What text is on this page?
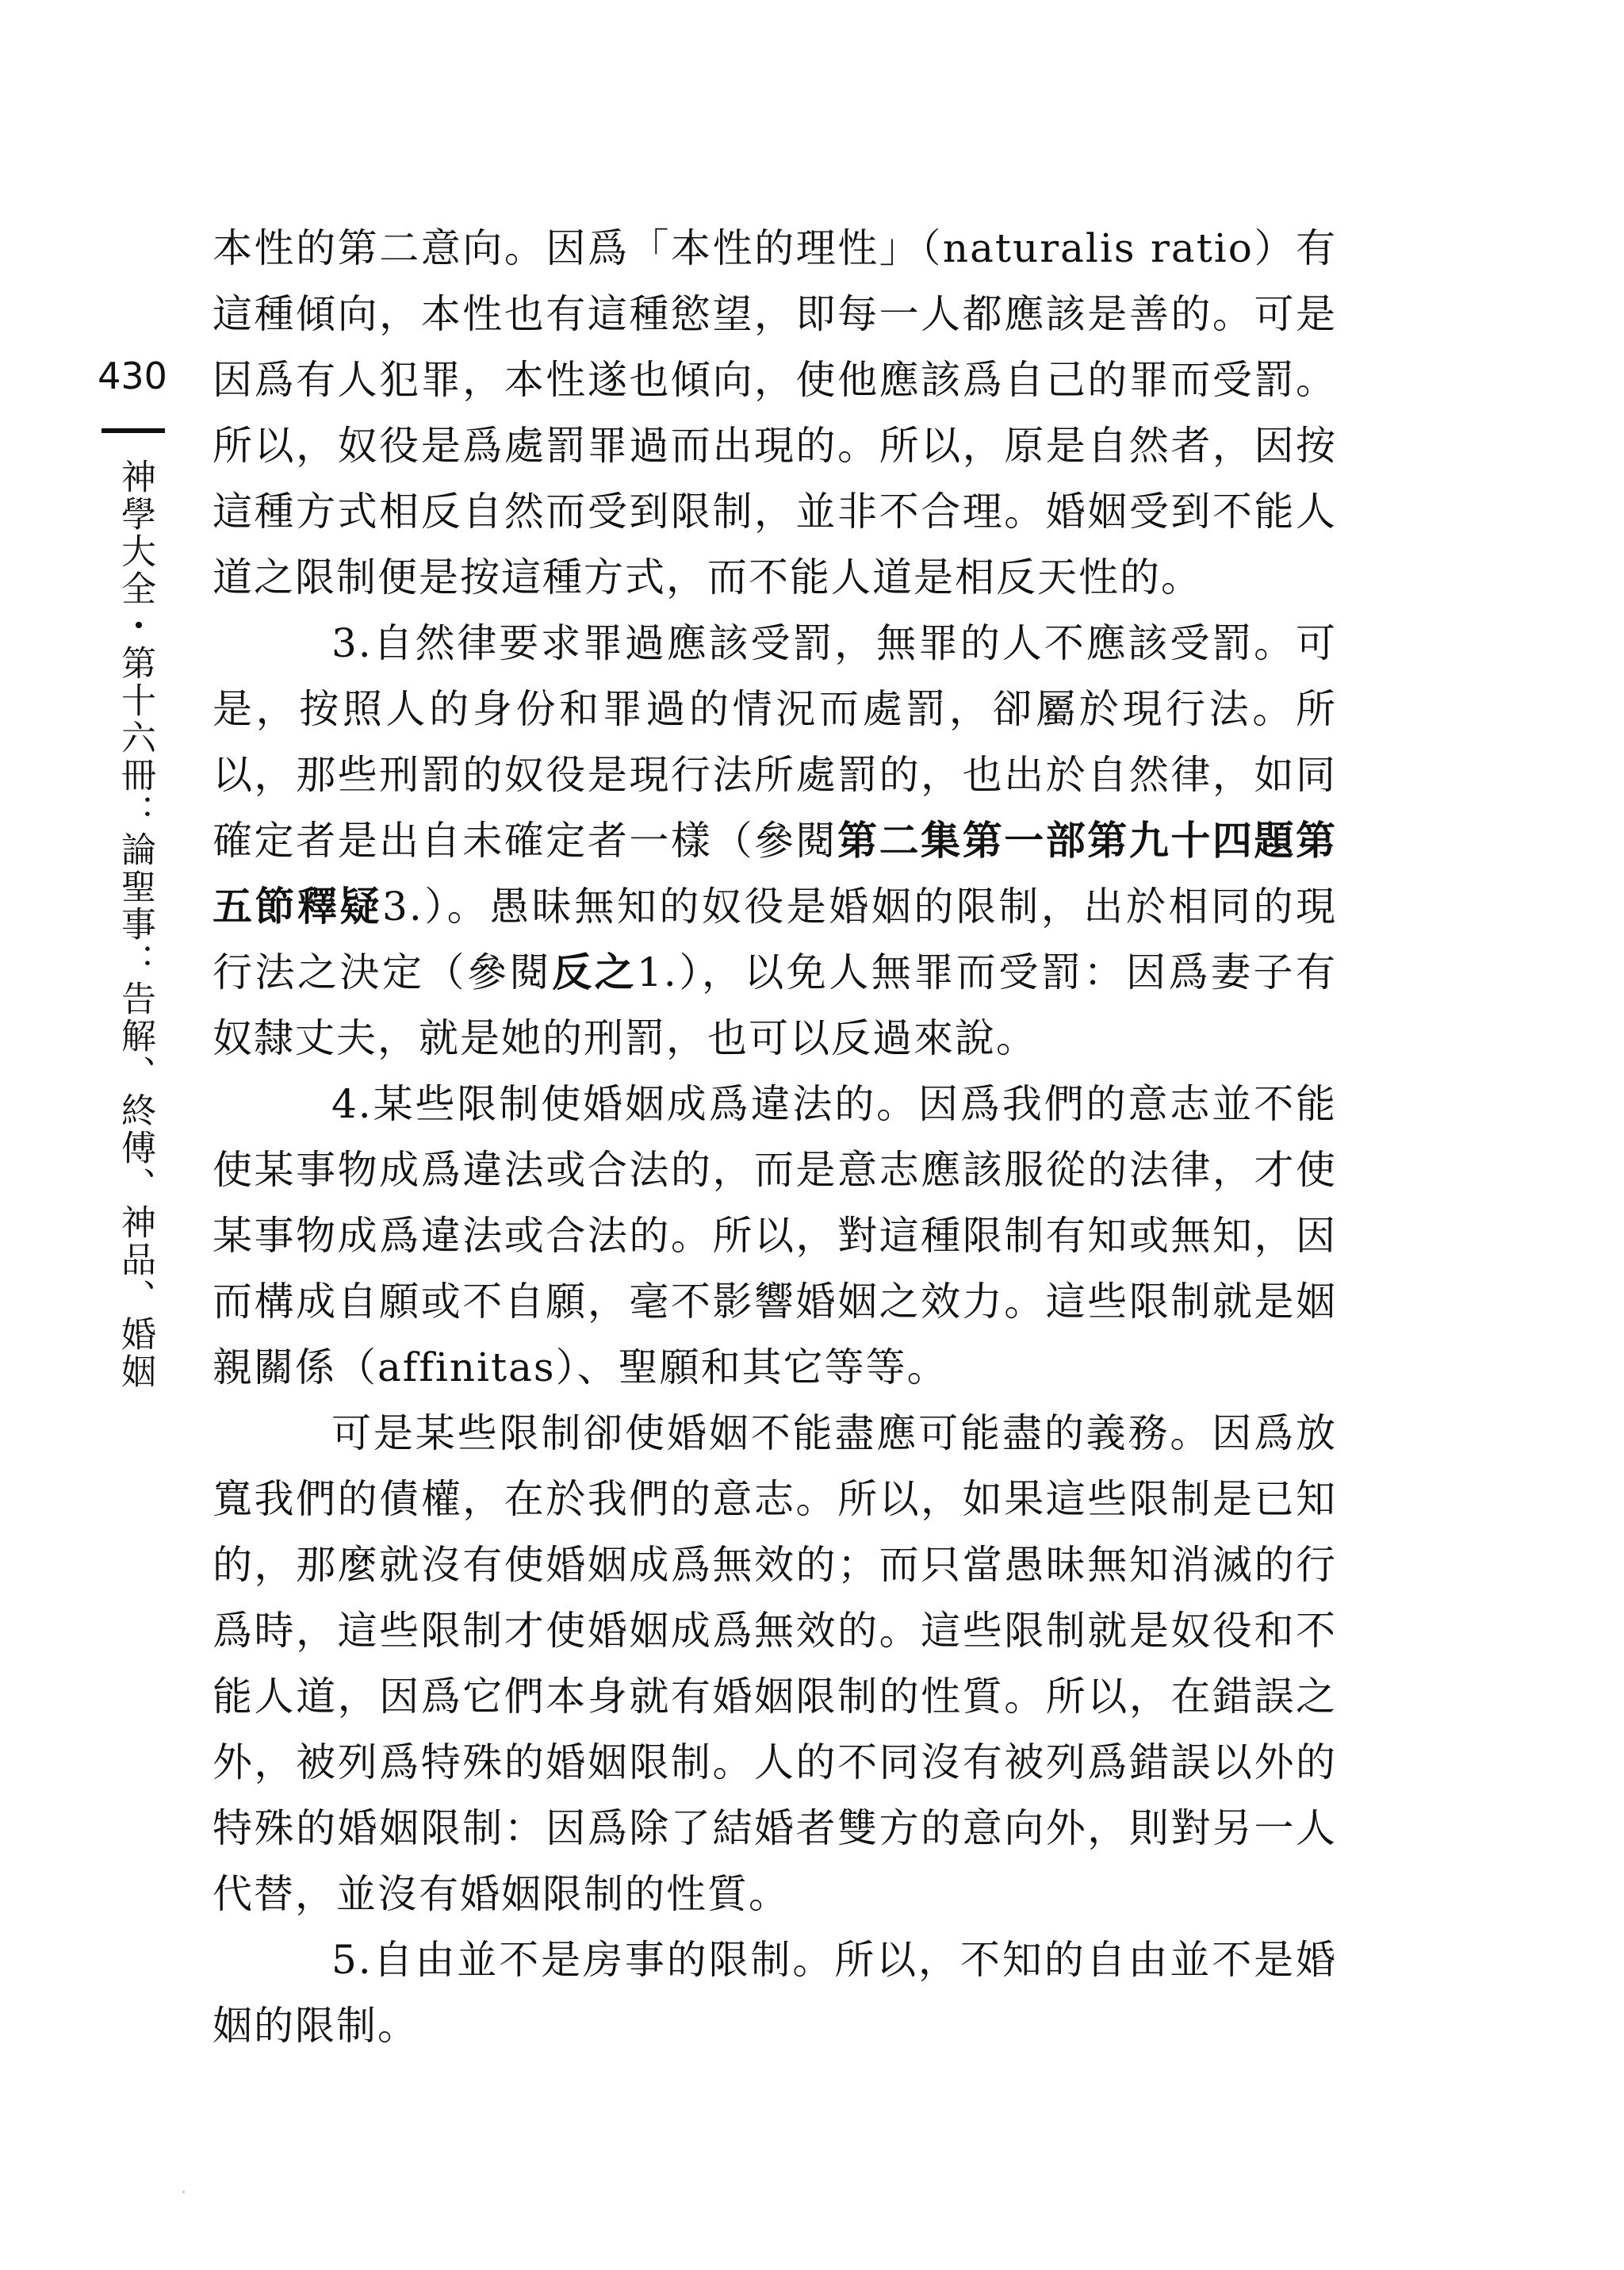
430
神學大全・第十六冊：論聖事：告解、終傅、神品、婚姻

本性的第二意向。因爲「本性的理性」（naturalis ratio）有這種傾向，本性也有這種慾望，即每一人都應該是善的。可是因爲有人犯罪，本性遂也傾向，使他應該爲自己的罪而受罰。所以，奴役是爲處罰罪過而出現的。所以，原是自然者，因按這種方式相反自然而受到限制，並非不合理。婚姻受到不能人道之限制便是按這種方式，而不能人道是相反天性的。

3.自然律要求罪過應該受罰，無罪的人不應該受罰。可是，按照人的身份和罪過的情況而處罰，卻屬於現行法。所以，那些刑罰的奴役是現行法所處罰的，也出於自然律，如同確定者是出自未確定者一樣（參閱第二集第一部第九十四題第五節釋疑3.）。愚昧無知的奴役是婚姻的限制，出於相同的現行法之決定（參閱反之1.），以免人無罪而受罰：因爲妻子有奴隸丈夫，就是她的刑罰，也可以反過來說。

4.某些限制使婚姻成爲違法的。因爲我們的意志並不能使某事物成爲違法或合法的，而是意志應該服從的法律，才使某事物成爲違法或合法的。所以，對這種限制有知或無知，因而構成自願或不自願，毫不影響婚姻之效力。這些限制就是姻親關係（affinitas）、聖願和其它等等。

可是某些限制卻使婚姻不能盡應可能盡的義務。因爲放寬我們的債權，在於我們的意志。所以，如果這些限制是已知的，那麼就沒有使婚姻成爲無效的；而只當愚昧無知消滅的行爲時，這些限制才使婚姻成爲無效的。這些限制就是奴役和不能人道，因爲它們本身就有婚姻限制的性質。所以，在錯誤之外，被列爲特殊的婚姻限制。人的不同沒有被列爲錯誤以外的特殊的婚姻限制：因爲除了結婚者雙方的意向外，則對另一人代替，並沒有婚姻限制的性質。

5.自由並不是房事的限制。所以，不知的自由並不是婚姻的限制。
